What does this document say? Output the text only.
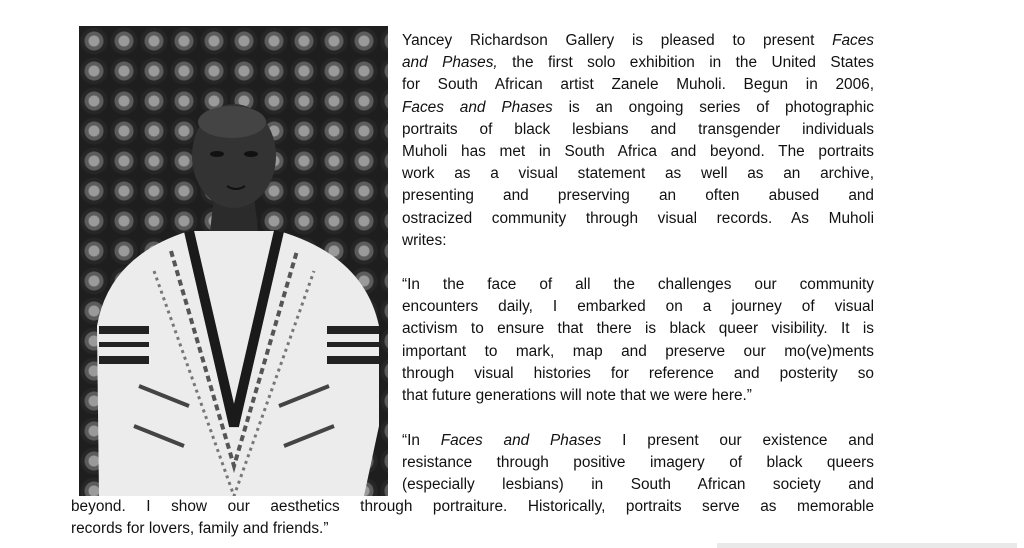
Yancey Richardson Gallery is pleased to present Faces
and Phases, the first solo exhibition in the United States
for South African artist Zanele Muholi. Begun in 2006,
Faces and Phases is an ongoing series of photographic
portraits of black lesbians and transgender individuals
Muholi has met in South Africa and beyond. The portraits
work as a visual statement as well as an archive,
presenting and preserving an often abused and
ostracized community through visual records. As Muholi
writes:
“In the face of all the challenges our community
encounters daily, I embarked on a journey of visual
activism to ensure that there is black queer visibility. It is
important to mark, map and preserve our mo(ve)ments
through visual histories for reference and posterity so
that future generations will note that we were here.”
“In Faces and Phases I present our existence and
resistance through positive imagery of black queers
(especially lesbians) in South African society and
beyond. I show our aesthetics through portraiture. Historically, portraits serve as memorable
records for lovers, family and friends.”
